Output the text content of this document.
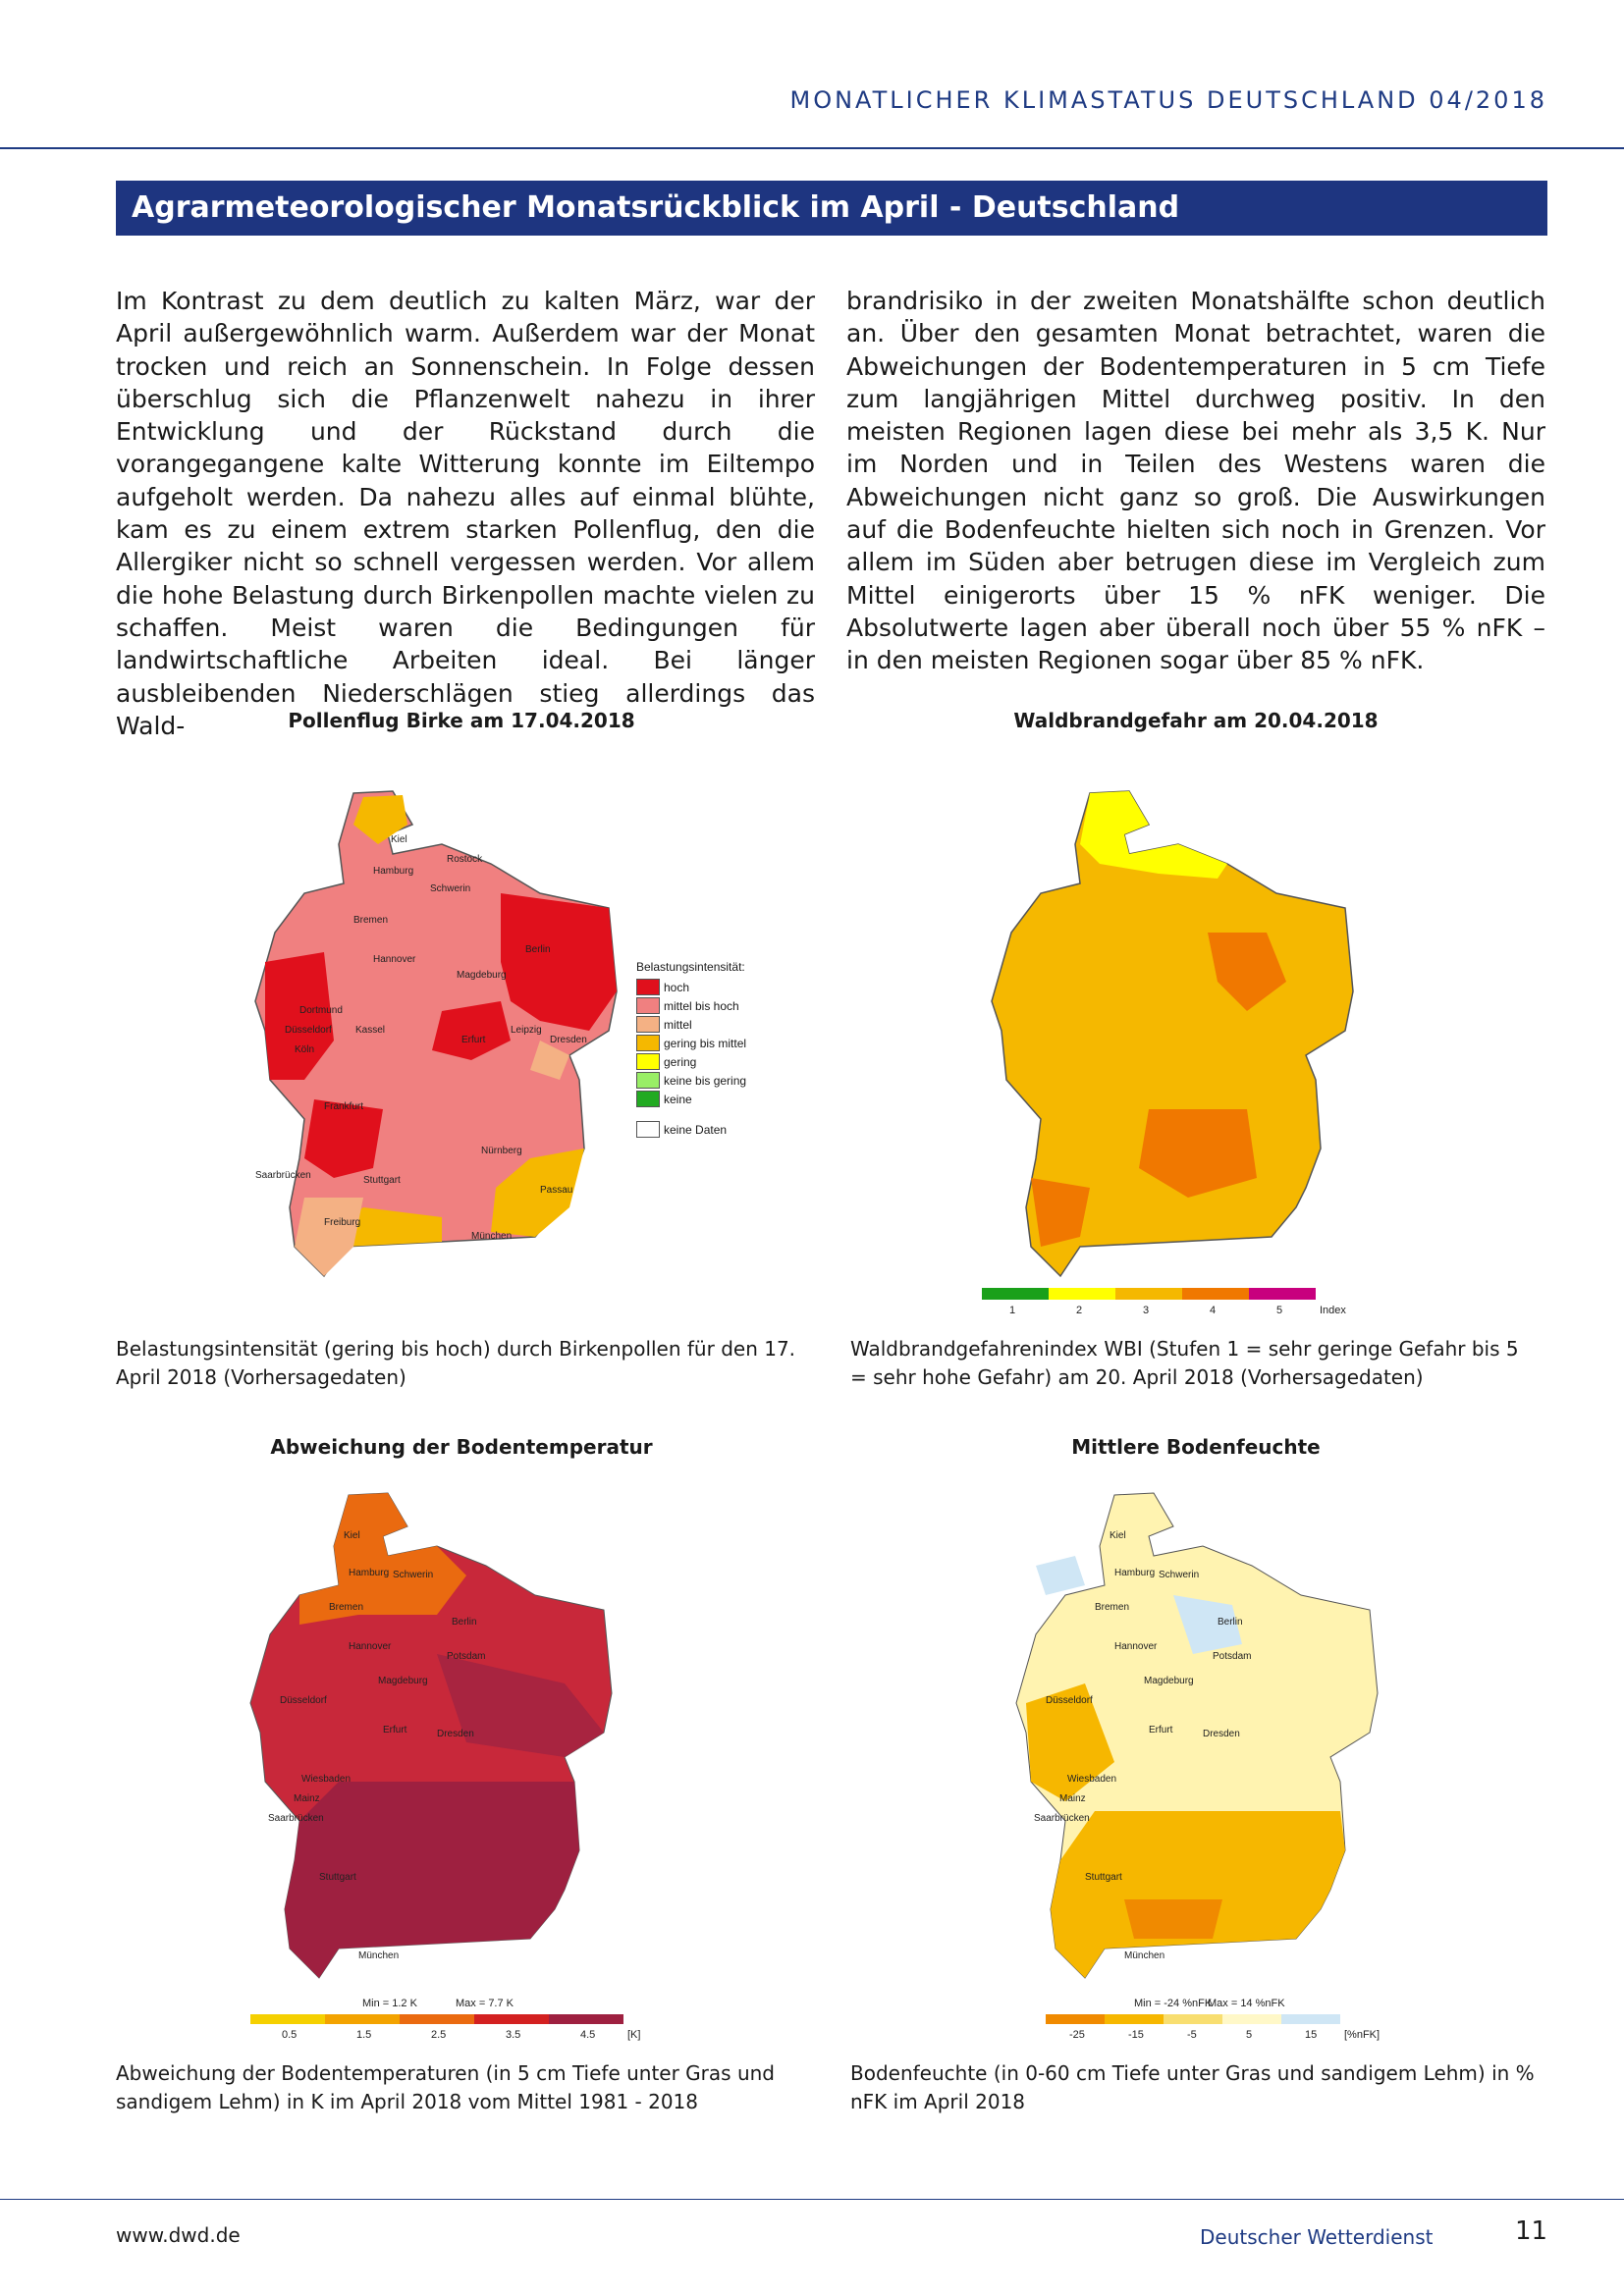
MONATLICHER KLIMASTATUS DEUTSCHLAND 04/2018
Agrarmeteorologischer Monatsrückblick im April - Deutschland
Im Kontrast zu dem deutlich zu kalten März, war der April außergewöhnlich warm. Außerdem war der Monat trocken und reich an Sonnenschein. In Folge dessen überschlug sich die Pflanzenwelt nahezu in ihrer Entwicklung und der Rückstand durch die vorangegangene kalte Witterung konnte im Eiltempo aufgeholt werden. Da nahezu alles auf einmal blühte, kam es zu einem extrem starken Pollenflug, den die Allergiker nicht so schnell vergessen werden. Vor allem die hohe Belastung durch Birkenpollen machte vielen zu schaffen. Meist waren die Bedingungen für landwirtschaftliche Arbeiten ideal. Bei länger ausbleibenden Niederschlägen stieg allerdings das Wald-
brandrisiko in der zweiten Monatshälfte schon deutlich an. Über den gesamten Monat betrachtet, waren die Abweichungen der Bodentemperaturen in 5 cm Tiefe zum langjährigen Mittel durchweg positiv. In den meisten Regionen lagen diese bei mehr als 3,5 K. Nur im Norden und in Teilen des Westens waren die Abweichungen nicht ganz so groß. Die Auswirkungen auf die Bodenfeuchte hielten sich noch in Grenzen. Vor allem im Süden aber betrugen diese im Vergleich zum Mittel einigerorts über 15 % nFK weniger. Die Absolutwerte lagen aber überall noch über 55 % nFK – in den meisten Regionen sogar über 85 % nFK.
Pollenflug Birke am 17.04.2018
Kiel
Rostock
Hamburg
Schwerin
Bremen
Berlin
Hannover
Magdeburg
Dortmund
Düsseldorf
Köln
Kassel	Leipzig
Erfurt	Dresden
Frankfurt
Nürnberg
Saarbrücken	Stuttgart
Passau
Freiburg
München
Belastungsintensität:
hoch
mittel bis hoch
mittel
gering bis mittel
gering
keine bis gering
keine
keine Daten
Belastungsintensität (gering bis hoch) durch Birkenpollen für den 17. April 2018 (Vorhersagedaten)
Waldbrandgefahr am 20.04.2018
1	2	3	4	5	Index
Waldbrandgefahrenindex WBI (Stufen 1 = sehr geringe Gefahr bis 5 = sehr hohe Gefahr) am 20. April 2018 (Vorhersagedaten)
Abweichung der Bodentemperatur
0.5	1.5	2.5	3.5	4.5	[K]
Min = 1.2 K	Max = 7.7 K
Kiel
Hamburg Schwerin
Bremen
Berlin
Hannover
Potsdam
Magdeburg
Düsseldorf
Erfurt	Dresden
Wiesbaden
Mainz
Saarbrücken
Stuttgart
München
Abweichung der Bodentemperaturen (in 5 cm Tiefe unter Gras und sandigem Lehm) in K im April 2018 vom Mittel 1981 - 2018
Mittlere Bodenfeuchte
-25	-15	-5	5	15	[%nFK]
Min = -24 %nFK
Max = 14 %nFK
Kiel
Hamburg Schwerin
Bremen
Berlin
Hannover
Potsdam
Magdeburg
Düsseldorf
Erfurt	Dresden
Wiesbaden
Mainz
Saarbrücken
Stuttgart
München
Bodenfeuchte (in 0-60 cm Tiefe unter Gras und sandigem Lehm) in % nFK im April 2018
www.dwd.de	Deutscher Wetterdienst	11
